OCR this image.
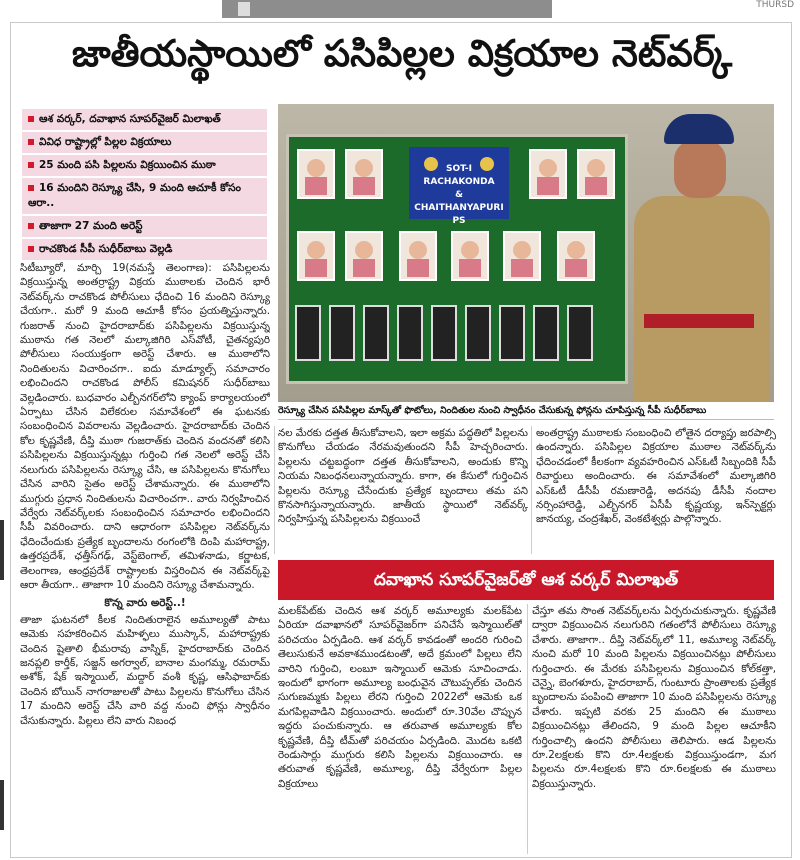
THURSD
జాతీయస్థాయిలో పసిపిల్లల విక్రయాల నెట్‌వర్క్
ఆశ వర్కర్, దవాఖాన సూపర్‌వైజర్ మిలాఖత్
వివిధ రాష్ట్రాల్లో పిల్లల విక్రయాలు
25 మంది పసి పిల్లలను విక్రయించిన ముఠా
16 మందిని రెస్క్యూ చేసి, 9 మంది ఆచూకీ కోసం ఆరా..
తాజాగా 27 మంది అరెస్ట్
రాచకొండ సీపీ సుధీర్‌బాబు వెల్లడి
SOT-I
RACHAKONDA
&
CHAITHANYAPURI PS
రెస్క్యూ చేసిన పసిపిల్లల మాస్క్‌తో ఫొటోలు, నిందితుల నుంచి స్వాధీనం చేసుకున్న ఫోన్లను చూపిస్తున్న సీపీ సుధీర్‌బాబు

సిటీబ్యూరో, మార్చి 19(నమస్తే తెలంగాణ): పసిపిల్లలను విక్రయిస్తున్న అంతర్రాష్ట్ర విక్రయ ముఠాలకు చెందిన భారీ నెట్‌వర్క్‌ను రాచకొండ పోలీసులు ఛేదించి 16 మందిని రెస్క్యూ చేయగా.. మరో 9 మంది ఆచూకీ కోసం ప్రయత్నిస్తున్నారు. గుజరాత్ నుంచి హైదరాబాద్‌కు పసిపిల్లలను విక్రయిస్తున్న ముఠాను గత నెలలో మల్కాజిగిరి ఎస్‌వోటీ, చైతన్యపురి పోలీసులు సంయుక్తంగా అరెస్ట్ చేశారు. ఆ ముఠాలోని నిందితులను విచారించగా.. ఐదు మాడ్యూల్స్ సమాచారం లభించిందని రాచకొండ పోలీస్ కమిషనర్ సుధీర్‌బాబు వెల్లడించారు. బుధవారం ఎల్బీనగర్‌లోని క్యాంప్ కార్యాలయంలో ఏర్పాటు చేసిన విలేకరుల సమావేశంలో ఈ ఘటనకు సంబంధించిన వివరాలను వెల్లడించారు. హైదరాబాద్‌కు చెందిన కోల కృష్ణవేణి, దీప్తి ముఠా గుజరాత్‌కు చెందిన వందనతో కలిసి పసిపిల్లలను విక్రయిస్తున్నట్లు గుర్తించి గత నెలలో అరెస్ట్ చేసి నలుగురు పసిపిల్లలను రెస్క్యూ చేసి, ఆ పసిపిల్లలను కొనుగోలు చేసిన వారిని సైతం అరెస్ట్ చేశామన్నారు. ఈ ముఠాలోని ముగ్గురు ప్రధాన నిందితులను విచారించగా.. వారు నిర్వహించిన వేర్వేరు నెట్‌వర్క్‌లకు సంబంధించిన సమాచారం లభించిందని సీపీ వివరించారు. దాని ఆధారంగా పసిపిల్లల నెట్‌వర్క్‌ను ఛేదించేందుకు ప్రత్యేక బృందాలను రంగంలోకి దింపి మహారాష్ట్ర, ఉత్తరప్రదేశ్, ఛత్తీస్‌గఢ్, వెస్ట్‌బెంగాల్, తమిళనాడు, కర్ణాటక, తెలంగాణ, ఆంధ్రప్రదేశ్ రాష్ట్రాలకు విస్తరించిన ఈ నెట్‌వర్క్‌పై ఆరా తీయగా.. తాజాగా 10 మందిని రెస్క్యూ చేశామన్నారు.

కొన్న వారు అరెస్ట్..!

తాజా ఘటనలో కీలక నిందితురాలైన అమూల్యతో పాటు ఆమెకు సహకరించిన మహిళ్ఫలు ముస్కాన్, మహారాష్ట్రకు చెందిన షైతాలి భీమరావు వాస్నిక్, హైదరాబాద్‌కు చెందిన జనప్లలి కార్తీక్, సజ్జన్ అగర్వాల్, బానాల మంగమ్మ, రమరామ్ అశోక్, షేక్ ఇస్మాయిల్, మద్దార్ వంశీ కృష్ణ, ఆసిఫాబాద్‌కు చెందిన బోయిన్ నాగరాజులతో పాటు పిల్లలను కొనుగోలు చేసిన 17 మందిని అరెస్ట్ చేసి వారి వద్ద నుంచి ఫోన్లు స్వాధీనం చేసుకున్నారు. పిల్లలు లేని వారు నిబంధ

నల మేరకు దత్తత తీసుకోవాలని, ఇలా అక్రమ పద్ధతిలో పిల్లలను కొనుగోలు చేయడం నేరమవుతుందని సీపీ హెచ్చరించారు. పిల్లలను చట్టబద్ధంగా దత్తత తీసుకోవాలని, అందుకు కొన్ని నియమ నిబంధనలున్నాయన్నారు. కాగా, ఈ కేసులో గుర్తించిన పిల్లలను రెస్క్యూ చేసేందుకు ప్రత్యేక బృందాలు తమ పని కొనసాగిస్తున్నాయన్నారు. జాతీయ స్థాయిలో నెట్‌వర్క్ నిర్వహిస్తున్న పసిపిల్లలను విక్రయించే

అంతర్రాష్ట్ర ముఠాలకు సంబంధించి లోతైన దర్యాప్తు జరపాల్సి ఉందన్నారు. పసిపిల్లల విక్రయాల ముఠాల నెట్‌వర్క్‌ను ఛేదించడంలో కీలకంగా వ్యవహరించిన ఎస్‌ఓటీ సిబ్బందికి సీపీ రివార్డులు అందించారు. ఈ సమావేశంలో మల్కాజిగిరి ఎస్‌ఓటీ డీసీపీ రమణారెడ్డి, అదనపు డీసీపీ నందాల నర్సింహారెడ్డి, ఎల్బీనగర్ ఏసీపీ కృష్ణయ్య, ఇన్‌స్పెక్టర్లు జానయ్య, చంద్రశేఖర్, వెంకటేశ్వర్లు పాల్గొన్నారు.

దవాఖాన సూపర్‌వైజర్‌తో ఆశ వర్కర్ మిలాఖత్

మలక్‌పేట్‌కు చెందిన ఆశ వర్కర్ అమూల్యకు మలక్‌పేట ఏరియా దవాఖానలో సూపర్‌వైజర్‌గా పనిచేసే ఇస్మాయిల్‌తో పరిచయం ఏర్పడింది. ఆశ వర్కర్ కావడంతో అందరి గురించి తెలుసుకునే అవకాశముండటంతో, అదే క్రమంలో పిల్లలు లేని వారిని గుర్తించి, లంబూ ఇస్మాయిల్ ఆమెకు సూచించాడు. ఇందులో భాగంగా అమూల్య బంధువైన చౌటుప్పల్‌కు చెందిన సుగుణమ్మకు పిల్లలు లేరని గుర్తించి 2022లో ఆమెకు ఒక మగపిల్లవాడిని విక్రయించారు. అందులో రూ.30వేల చొప్పున ఇద్దరు పంచుకున్నారు. ఆ తరువాత అమూల్యకు కోల కృష్ణవేణి, దీప్తి టీమ్‌తో పరిచయం ఏర్పడింది. మొదట ఒకటి రెండుసార్లు ముగ్గురు కలిసి పిల్లలను విక్రయించారు. ఆ తరువాత కృష్ణవేణి, అమూల్య, దీప్తి వేర్వేరుగా పిల్లల విక్రయాలు

చేస్తూ తమ సొంత నెట్‌వర్క్‌లను ఏర్పరుచుకున్నారు. కృష్ణవేణి ద్వారా విక్రయించిన నలుగురిని గతంలోనే పోలీసులు రెస్క్యూ చేశారు. తాజాగా.. దీప్తి నెట్‌వర్క్‌లో 11, అమూల్య నెట్‌వర్క్ నుంచి మరో 10 మంది పిల్లలను విక్రయించినట్లు పోలీసులు గుర్తించారు. ఈ మేరకు పసిపిల్లలను విక్రయించిన కోల్‌కత్తా, చెన్నై, బెంగళూరు, హైదరాబాద్, గుంటూరు ప్రాంతాలకు ప్రత్యేక బృందాలను పంపించి తాజాగా 10 మంది పసిపిల్లలను రెస్క్యూ చేశారు. ఇప్పటి వరకు 25 మందిని ఈ ముఠాలు విక్రయించినట్లు తేలిందని, 9 మంది పిల్లల ఆచూకీని గుర్తించాల్సి ఉందని పోలీసులు తెలిపారు. ఆడ పిల్లలను రూ.2లక్షలకు కొని రూ.4లక్షలకు విక్రయిస్తుండగా, మగ పిల్లలను రూ.4లక్షలకు కొని రూ.6లక్షలకు ఈ ముఠాలు విక్రయిస్తున్నారు.
